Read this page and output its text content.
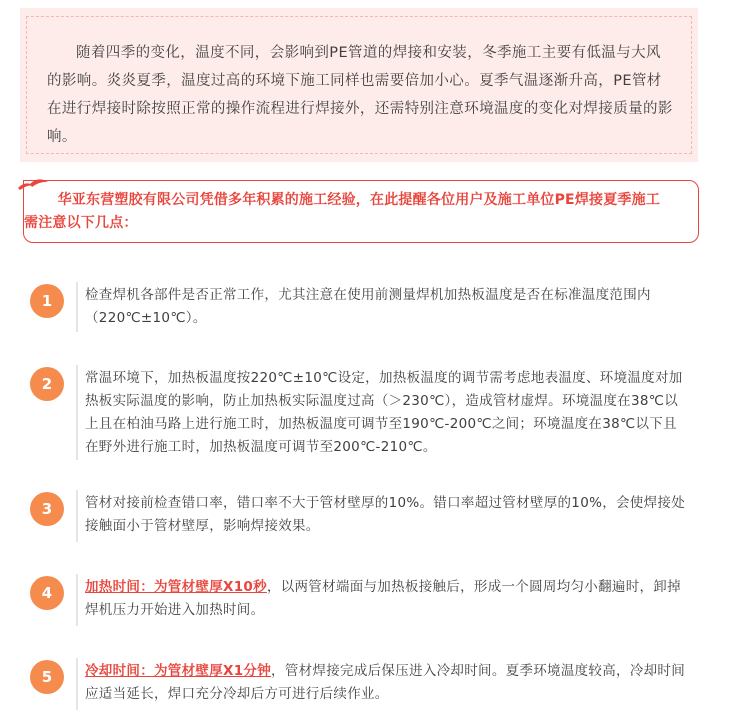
随着四季的变化，温度不同，会影响到PE管道的焊接和安装，冬季施工主要有低温与大风的影响。炎炎夏季，温度过高的环境下施工同样也需要倍加小心。夏季气温逐渐升高，PE管材在进行焊接时除按照正常的操作流程进行焊接外，还需特别注意环境温度的变化对焊接质量的影响。

华亚东营塑胶有限公司凭借多年积累的施工经验，在此提醒各位用户及施工单位PE焊接夏季施工需注意以下几点：

1	检查焊机各部件是否正常工作，尤其注意在使用前测量焊机加热板温度是否在标准温度范围内（220℃±10℃）。

2	常温环境下，加热板温度按220℃±10℃设定，加热板温度的调节需考虑地表温度、环境温度对加热板实际温度的影响，防止加热板实际温度过高（＞230℃），造成管材虚焊。环境温度在38℃以上且在柏油马路上进行施工时，加热板温度可调节至190℃-200℃之间；环境温度在38℃以下且在野外进行施工时，加热板温度可调节至200℃-210℃。

3	管材对接前检查错口率，错口率不大于管材壁厚的10%。错口率超过管材壁厚的10%，会使焊接处接触面小于管材壁厚，影响焊接效果。

4	加热时间：为管材壁厚X10秒，以两管材端面与加热板接触后，形成一个圆周均匀小翻遍时，卸掉焊机压力开始进入加热时间。

5	冷却时间：为管材壁厚X1分钟，管材焊接完成后保压进入冷却时间。夏季环境温度较高，冷却时间应适当延长，焊口充分冷却后方可进行后续作业。
